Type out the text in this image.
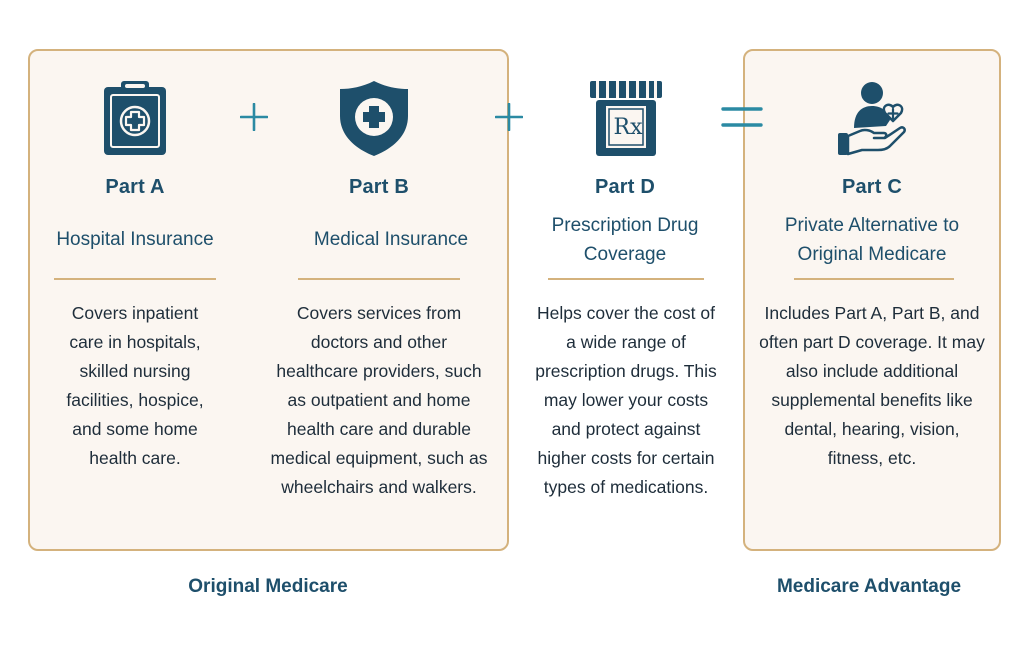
Part A
Hospital Insurance
Covers inpatient care in hospitals, skilled nursing facilities, hospice, and some home health care.
Part B
Medical Insurance
Covers services from doctors and other healthcare providers, such as outpatient and home health care and durable medical equipment, such as wheelchairs and walkers.
Rx
Part D
Prescription Drug Coverage
Helps cover the cost of a wide range of prescription drugs. This may lower your costs and protect against higher costs for certain types of medications.
Part C
Private Alternative to Original Medicare
Includes Part A, Part B, and often part D coverage. It may also include additional supplemental benefits like dental, hearing, vision, fitness, etc.
Original Medicare	Medicare Advantage
